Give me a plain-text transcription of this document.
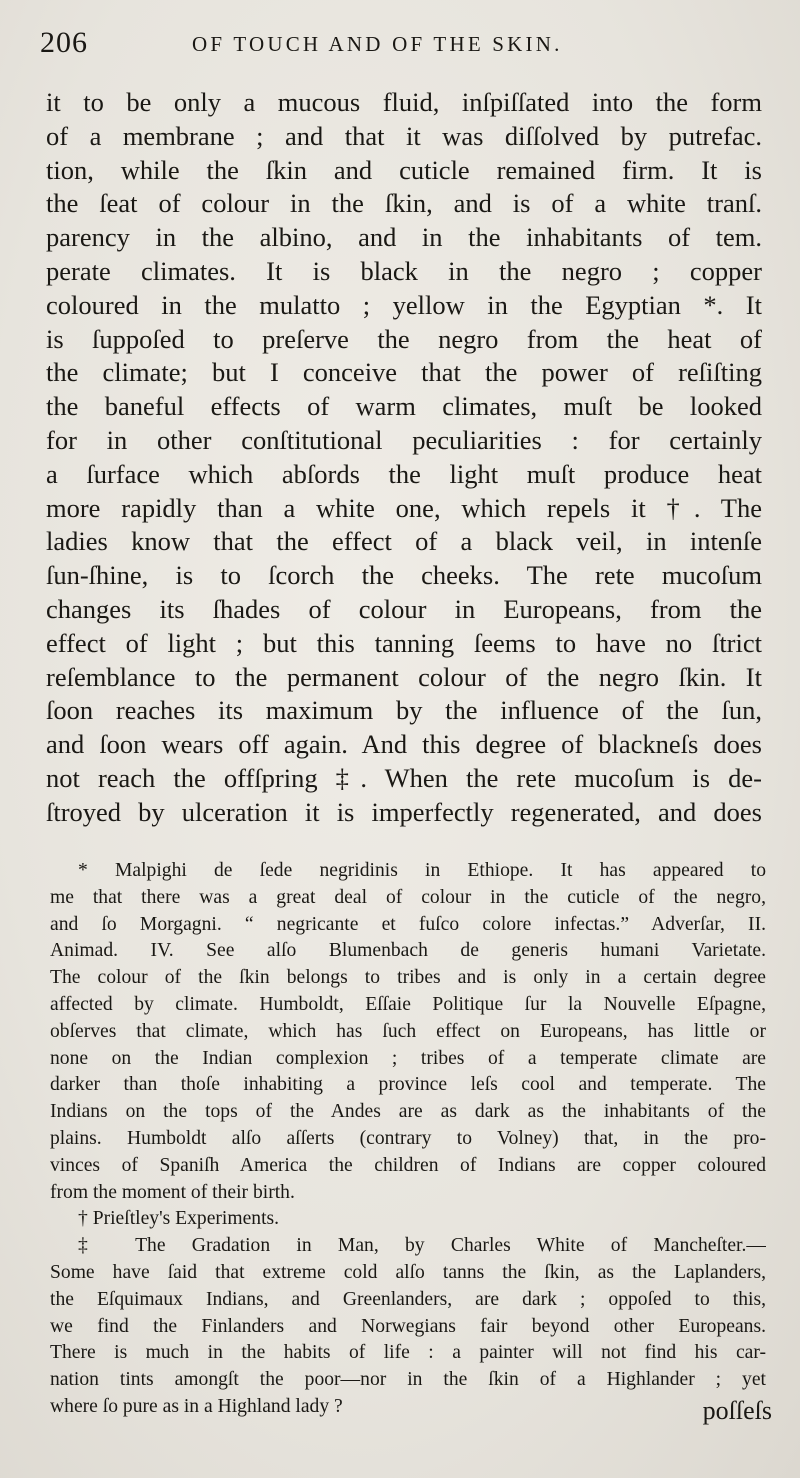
206	OF TOUCH AND OF THE SKIN.
it to be only a mucous fluid, inſpiſſated into the form
of a membrane ; and that it was diſſolved by putrefac.
tion, while the ſkin and cuticle remained firm. It is
the ſeat of colour in the ſkin, and is of a white tranſ.
parency in the albino, and in the inhabitants of tem.
perate climates. It is black in the negro ; copper
coloured in the mulatto ; yellow in the Egyptian *. It
is ſuppoſed to preſerve the negro from the heat of
the climate; but I conceive that the power of reſiſting
the baneful effects of warm climates, muſt be looked
for in other conſtitutional peculiarities : for certainly
a ſurface which abſords the light muſt produce heat
more rapidly than a white one, which repels it †. The
ladies know that the effect of a black veil, in intenſe
ſun-ſhine, is to ſcorch the cheeks. The rete mucoſum
changes its ſhades of colour in Europeans, from the
effect of light ; but this tanning ſeems to have no ſtrict
reſemblance to the permanent colour of the negro ſkin. It
ſoon reaches its maximum by the influence of the ſun,
and ſoon wears off again. And this degree of blackneſs does
not reach the offſpring ‡. When the rete mucoſum is de-
ſtroyed by ulceration it is imperfectly regenerated, and does
* Malpighi de ſede negridinis in Ethiope. It has appeared to
me that there was a great deal of colour in the cuticle of the negro,
and ſo Morgagni. “ negricante et fuſco colore infectas.” Adverſar, II.
Animad. IV. See alſo Blumenbach de generis humani Varietate.
The colour of the ſkin belongs to tribes and is only in a certain degree
affected by climate. Humboldt, Eſſaie Politique ſur la Nouvelle Eſpagne,
obſerves that climate, which has ſuch effect on Europeans, has little or
none on the Indian complexion ; tribes of a temperate climate are
darker than thoſe inhabiting a province leſs cool and temperate. The
Indians on the tops of the Andes are as dark as the inhabitants of the
plains. Humboldt alſo aſſerts (contrary to Volney) that, in the pro-
vinces of Spaniſh America the children of Indians are copper coloured
from the moment of their birth.
† Prieſtley's Experiments.
‡ The Gradation in Man, by Charles White of Mancheſter.—
Some have ſaid that extreme cold alſo tanns the ſkin, as the Laplanders,
the Eſquimaux Indians, and Greenlanders, are dark ; oppoſed to this,
we find the Finlanders and Norwegians fair beyond other Europeans.
There is much in the habits of life : a painter will not find his car-
nation tints amongſt the poor—nor in the ſkin of a Highlander ; yet
where ſo pure as in a Highland lady ?	poſſeſs
